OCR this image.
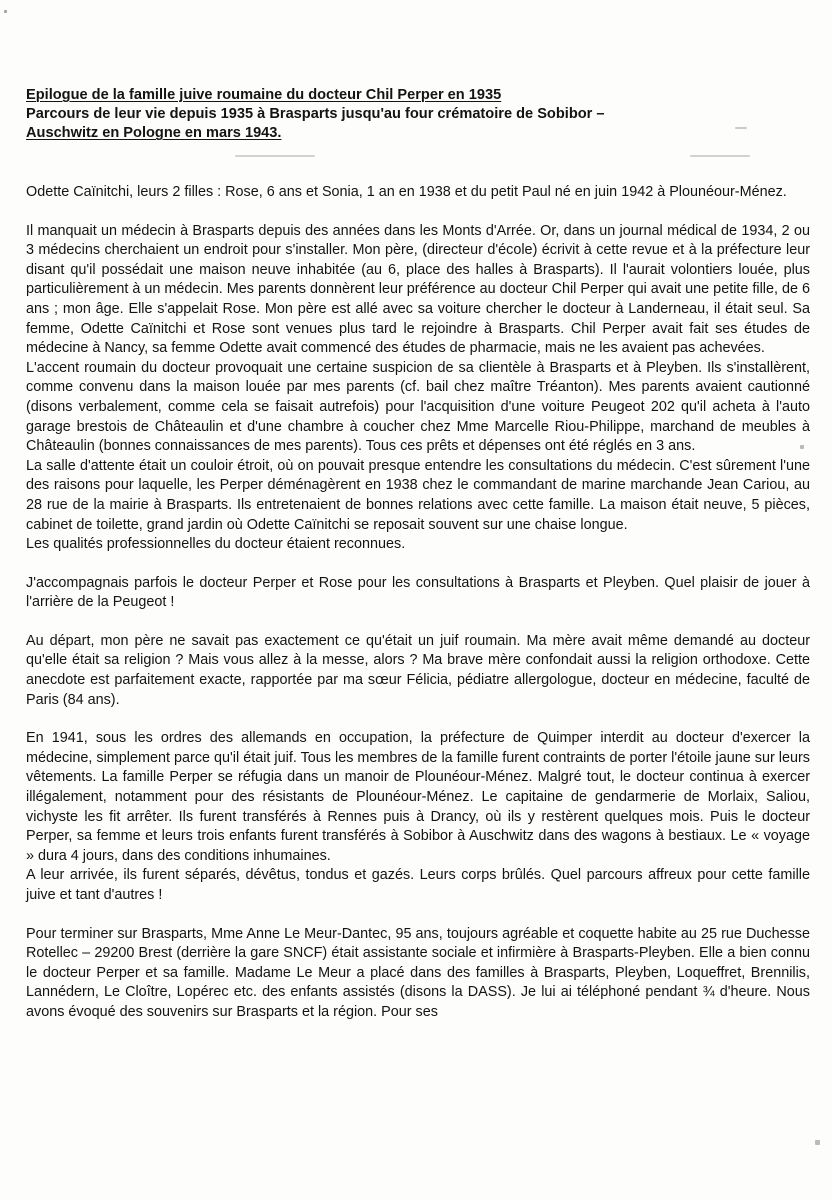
Epilogue de la famille juive roumaine du docteur Chil Perper en 1935
Parcours de leur vie depuis 1935 à Brasparts jusqu'au four crématoire de Sobibor –
Auschwitz en Pologne en mars 1943.

Odette Caïnitchi, leurs 2 filles : Rose, 6 ans et Sonia, 1 an en 1938 et du petit Paul né en juin 1942 à Plounéour-Ménez.

Il manquait un médecin à Brasparts depuis des années dans les Monts d'Arrée. Or, dans un journal médical de 1934, 2 ou 3 médecins cherchaient un endroit pour s'installer. Mon père, (directeur d'école) écrivit à cette revue et à la préfecture leur disant qu'il possédait une maison neuve inhabitée (au 6, place des halles à Brasparts). Il l'aurait volontiers louée, plus particulièrement à un médecin. Mes parents donnèrent leur préférence au docteur Chil Perper qui avait une petite fille, de 6 ans ; mon âge. Elle s'appelait Rose. Mon père est allé avec sa voiture chercher le docteur à Landerneau, il était seul. Sa femme, Odette Caïnitchi et Rose sont venues plus tard le rejoindre à Brasparts. Chil Perper avait fait ses études de médecine à Nancy, sa femme Odette avait commencé des études de pharmacie, mais ne les avaient pas achevées.

L'accent roumain du docteur provoquait une certaine suspicion de sa clientèle à Brasparts et à Pleyben. Ils s'installèrent, comme convenu dans la maison louée par mes parents (cf. bail chez maître Tréanton). Mes parents avaient cautionné (disons verbalement, comme cela se faisait autrefois) pour l'acquisition d'une voiture Peugeot 202 qu'il acheta à l'auto garage brestois de Châteaulin et d'une chambre à coucher chez Mme Marcelle Riou-Philippe, marchand de meubles à Châteaulin (bonnes connaissances de mes parents). Tous ces prêts et dépenses ont été réglés en 3 ans.

La salle d'attente était un couloir étroit, où on pouvait presque entendre les consultations du médecin. C'est sûrement l'une des raisons pour laquelle, les Perper déménagèrent en 1938 chez le commandant de marine marchande Jean Cariou, au 28 rue de la mairie à Brasparts. Ils entretenaient de bonnes relations avec cette famille. La maison était neuve, 5 pièces, cabinet de toilette, grand jardin où Odette Caïnitchi se reposait souvent sur une chaise longue.

Les qualités professionnelles du docteur étaient reconnues.

J'accompagnais parfois le docteur Perper et Rose pour les consultations à Brasparts et Pleyben. Quel plaisir de jouer à l'arrière de la Peugeot !

Au départ, mon père ne savait pas exactement ce qu'était un juif roumain. Ma mère avait même demandé au docteur qu'elle était sa religion ? Mais vous allez à la messe, alors ? Ma brave mère confondait aussi la religion orthodoxe. Cette anecdote est parfaitement exacte, rapportée par ma sœur Félicia, pédiatre allergologue, docteur en médecine, faculté de Paris (84 ans).

En 1941, sous les ordres des allemands en occupation, la préfecture de Quimper interdit au docteur d'exercer la médecine, simplement parce qu'il était juif. Tous les membres de la famille furent contraints de porter l'étoile jaune sur leurs vêtements. La famille Perper se réfugia dans un manoir de Plounéour-Ménez. Malgré tout, le docteur continua à exercer illégalement, notamment pour des résistants de Plounéour-Ménez. Le capitaine de gendarmerie de Morlaix, Saliou, vichyste les fit arrêter. Ils furent transférés à Rennes puis à Drancy, où ils y restèrent quelques mois. Puis le docteur Perper, sa femme et leurs trois enfants furent transférés à Sobibor à Auschwitz dans des wagons à bestiaux. Le « voyage » dura 4 jours, dans des conditions inhumaines.

A leur arrivée, ils furent séparés, dévêtus, tondus et gazés. Leurs corps brûlés. Quel parcours affreux pour cette famille juive et tant d'autres !

Pour terminer sur Brasparts, Mme Anne Le Meur-Dantec, 95 ans, toujours agréable et coquette habite au 25 rue Duchesse Rotellec – 29200 Brest (derrière la gare SNCF) était assistante sociale et infirmière à Brasparts-Pleyben. Elle a bien connu le docteur Perper et sa famille. Madame Le Meur a placé dans des familles à Brasparts, Pleyben, Loqueffret, Brennilis, Lannédern, Le Cloître, Lopérec etc. des enfants assistés (disons la DASS). Je lui ai téléphoné pendant ¾ d'heure. Nous avons évoqué des souvenirs sur Brasparts et la région. Pour ses
